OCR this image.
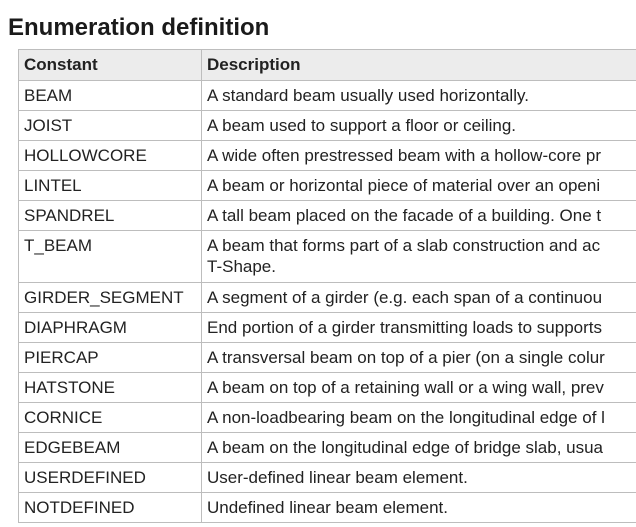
Enumeration definition
Constant	Description
BEAM	A standard beam usually used horizontally.
JOIST	A beam used to support a floor or ceiling.
HOLLOWCORE	A wide often prestressed beam with a hollow-core pr
LINTEL	A beam or horizontal piece of material over an openi
SPANDREL	A tall beam placed on the facade of a building. One t
T_BEAM	A beam that forms part of a slab construction and ac
T-Shape.

GIRDER_SEGMENT	A segment of a girder (e.g. each span of a continuou
DIAPHRAGM	End portion of a girder transmitting loads to supports
PIERCAP	A transversal beam on top of a pier (on a single colur
HATSTONE	A beam on top of a retaining wall or a wing wall, prev
CORNICE	A non-loadbearing beam on the longitudinal edge of l
EDGEBEAM	A beam on the longitudinal edge of bridge slab, usua
USERDEFINED	User-defined linear beam element.
NOTDEFINED	Undefined linear beam element.
